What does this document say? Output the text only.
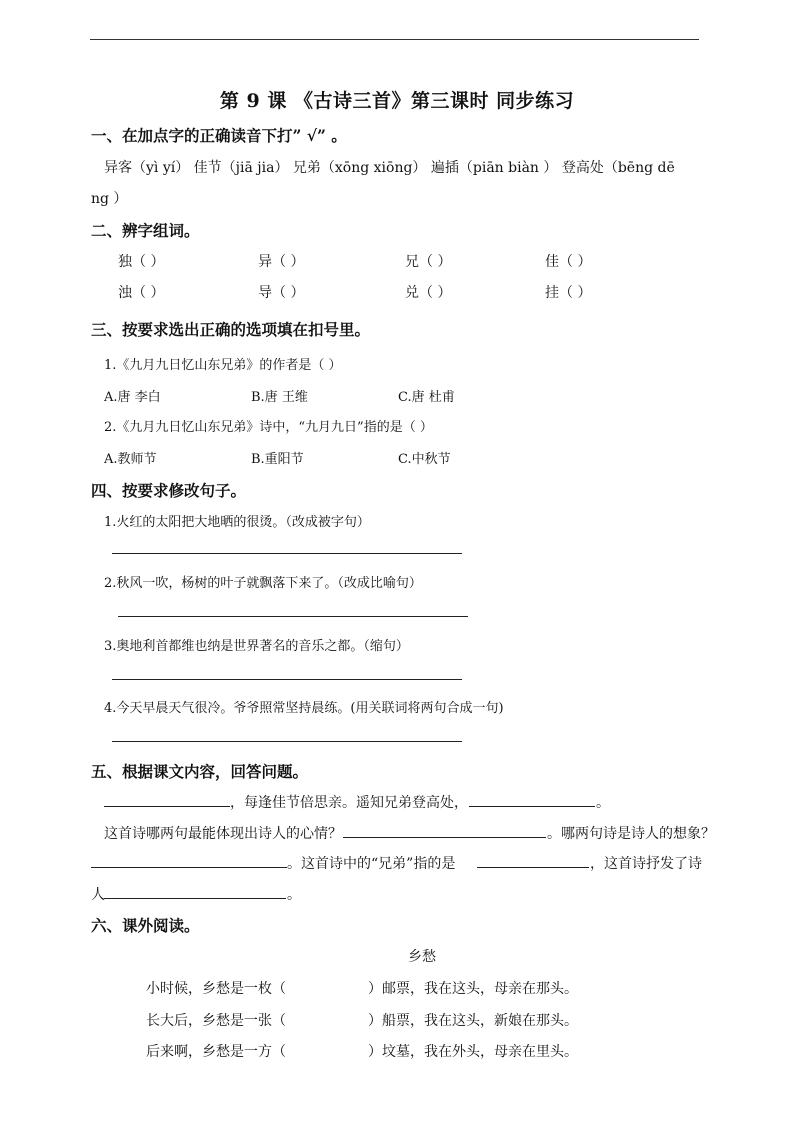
第 9 课 《古诗三首》第三课时 同步练习
一、在加点字的正确读音下打” √” 。
异客（yì yí） 佳节（jiā jia） 兄弟（xōng xiōng） 遍插（piān biàn ） 登高处（bēng dē
ng ）
二、辨字组词。
独（ ）	异（ ）	兄（ ）	佳（ ）
浊（ ）	导（ ）	兑（ ）	挂（ ）
三、按要求选出正确的选项填在扣号里。
1.《九月九日忆山东兄弟》的作者是（ ）
A.唐 李白	B.唐 王维	C.唐 杜甫
2.《九月九日忆山东兄弟》诗中，“九月九日”指的是（ ）
A.教师节	B.重阳节	C.中秋节
四、按要求修改句子。
1.火红的太阳把大地晒的很烫。（改成被字句）
2.秋风一吹，杨树的叶子就飘落下来了。（改成比喻句）
3.奥地利首都维也纳是世界著名的音乐之都。（缩句）
4.今天早晨天气很冷。爷爷照常坚持晨练。(用关联词将两句合成一句)
五、根据课文内容，回答问题。
，每逢佳节倍思亲。遥知兄弟登高处，	。
这首诗哪两句最能体现出诗人的心情？	。哪两句诗是诗人的想象？
。这首诗中的“兄弟”指的是	，这首诗抒发了诗
人	。
六、课外阅读。
乡愁
小时候，乡愁是一枚（	）邮票，我在这头，母亲在那头。
长大后，乡愁是一张（	）船票，我在这头，新娘在那头。
后来啊，乡愁是一方（	）坟墓，我在外头，母亲在里头。
